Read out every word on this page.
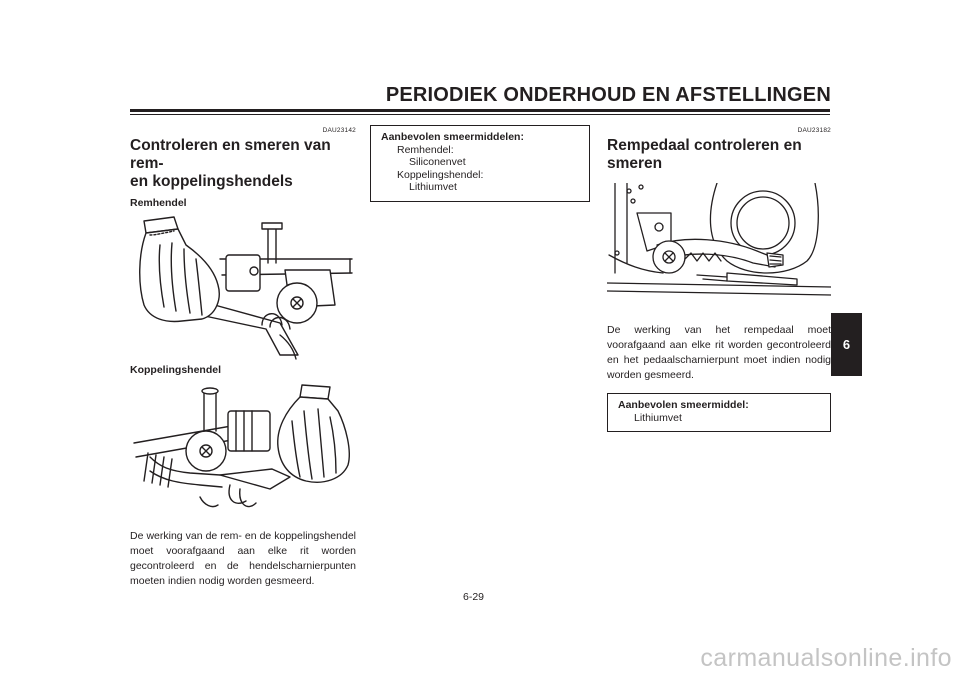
PERIODIEK ONDERHOUD EN AFSTELLINGEN
DAU23142
Controleren en smeren van rem-
en koppelingshendels
Remhendel
Koppelingshendel

De werking van de rem- en de koppelingshendel moet voorafgaand aan elke rit worden gecontroleerd en de hendelscharnierpunten moeten indien nodig worden gesmeerd.

Aanbevolen smeermiddelen:
Remhendel:
Siliconenvet
Koppelingshendel:
Lithiumvet
DAU23182
Rempedaal controleren en
smeren

De werking van het rempedaal moet voorafgaand aan elke rit worden gecontroleerd en het pedaalscharnierpunt moet indien nodig worden gesmeerd.

Aanbevolen smeermiddel:
Lithiumvet
6
6-29
carmanualsonline.info
